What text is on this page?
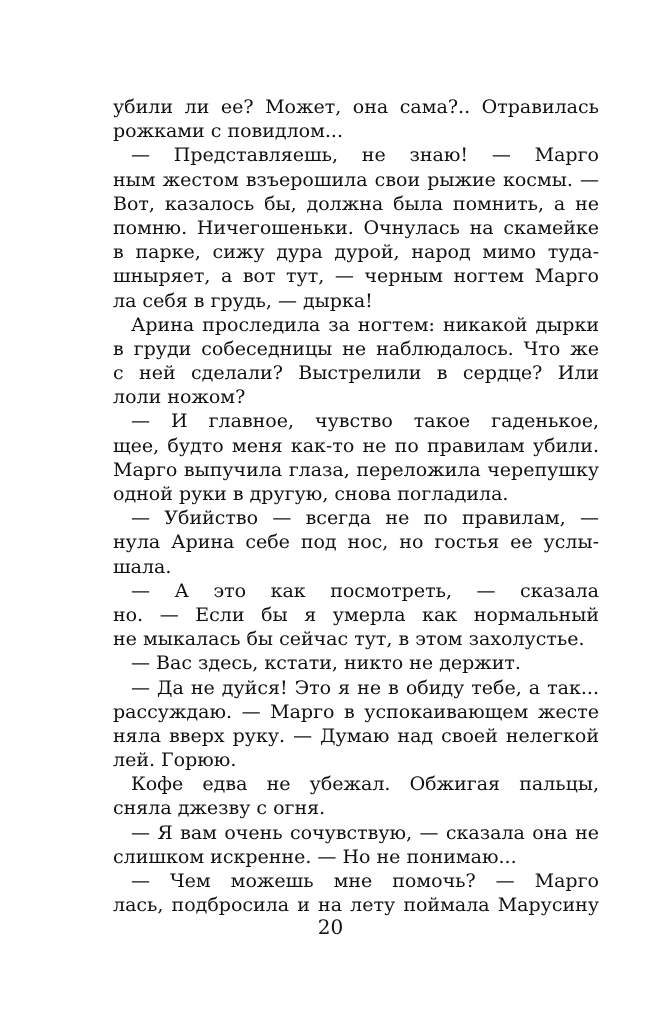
убили ли ее? Может, она сама?.. Отравилась
рожками с повидлом...
— Представляешь, не знаю! — Марго
ным жестом взъерошила свои рыжие космы. —
Вот, казалось бы, должна была помнить, а не
помню. Ничегошеньки. Очнулась на скамейке
в парке, сижу дура дурой, народ мимо туда-
шныряет, а вот тут, — черным ногтем Марго
ла себя в грудь, — дырка!
Арина проследила за ногтем: никакой дырки
в груди собеседницы не наблюдалось. Что же
с ней сделали? Выстрелили в сердце? Или
лоли ножом?
— И главное, чувство такое гаденькое,
щее, будто меня как-то не по правилам убили.
Марго выпучила глаза, переложила черепушку
одной руки в другую, снова погладила.
— Убийство — всегда не по правилам, —
нула Арина себе под нос, но гостья ее услы-
шала.
— А это как посмотреть, — сказала
но. — Если бы я умерла как нормальный
не мыкалась бы сейчас тут, в этом захолустье.
— Вас здесь, кстати, никто не держит.
— Да не дуйся! Это я не в обиду тебе, а так...
рассуждаю. — Марго в успокаивающем жесте
няла вверх руку. — Думаю над своей нелегкой
лей. Горюю.
Кофе едва не убежал. Обжигая пальцы,
сняла джезву с огня.
— Я вам очень сочувствую, — сказала она не
слишком искренне. — Но не понимаю...
— Чем можешь мне помочь? — Марго
лась, подбросила и на лету поймала Марусину
20
